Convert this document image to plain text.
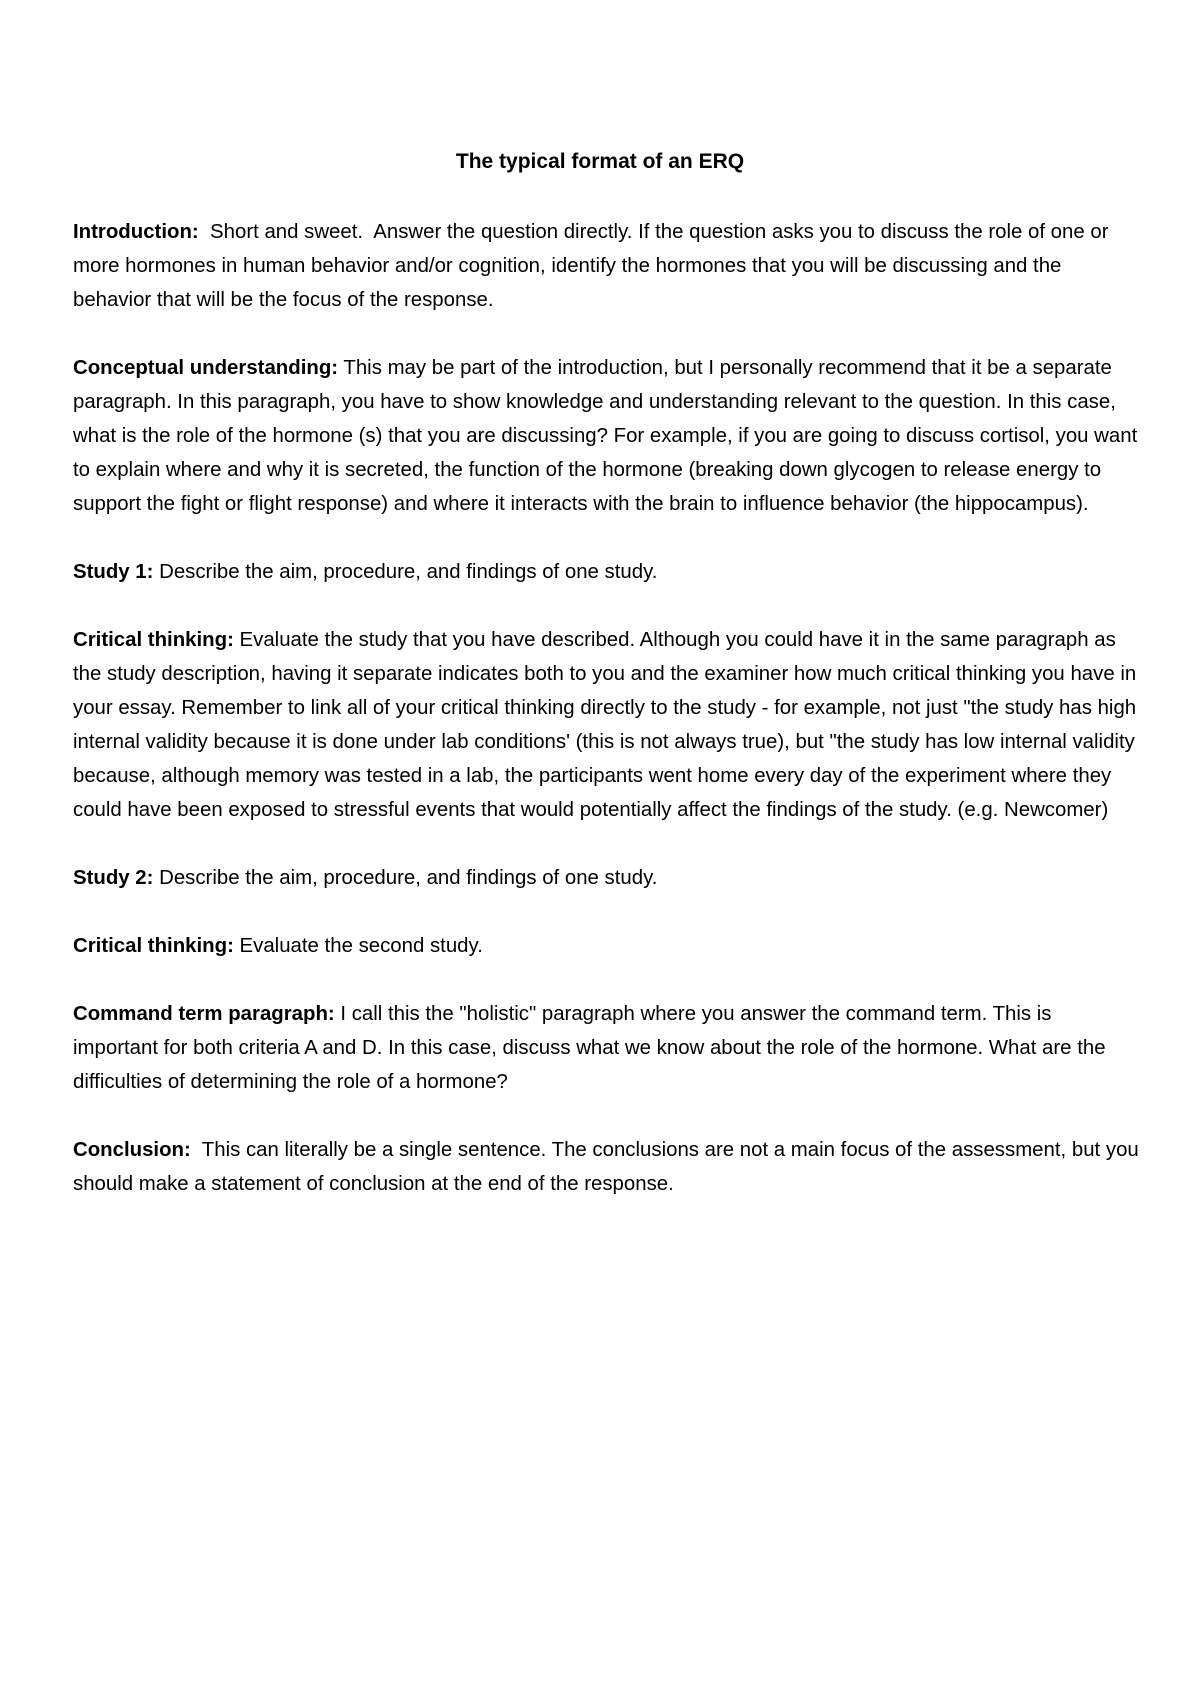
The typical format of an ERQ

Introduction:  Short and sweet.  Answer the question directly. If the question asks you to discuss the role of one or more hormones in human behavior and/or cognition, identify the hormones that you will be discussing and the behavior that will be the focus of the response.

Conceptual understanding: This may be part of the introduction, but I personally recommend that it be a separate paragraph. In this paragraph, you have to show knowledge and understanding relevant to the question. In this case, what is the role of the hormone (s) that you are discussing? For example, if you are going to discuss cortisol, you want to explain where and why it is secreted, the function of the hormone (breaking down glycogen to release energy to support the fight or flight response) and where it interacts with the brain to influence behavior (the hippocampus).

Study 1: Describe the aim, procedure, and findings of one study.

Critical thinking: Evaluate the study that you have described. Although you could have it in the same paragraph as the study description, having it separate indicates both to you and the examiner how much critical thinking you have in your essay. Remember to link all of your critical thinking directly to the study - for example, not just "the study has high internal validity because it is done under lab conditions' (this is not always true), but "the study has low internal validity because, although memory was tested in a lab, the participants went home every day of the experiment where they could have been exposed to stressful events that would potentially affect the findings of the study. (e.g. Newcomer)

Study 2: Describe the aim, procedure, and findings of one study.

Critical thinking: Evaluate the second study.

Command term paragraph: I call this the "holistic" paragraph where you answer the command term. This is important for both criteria A and D. In this case, discuss what we know about the role of the hormone. What are the difficulties of determining the role of a hormone?

Conclusion:  This can literally be a single sentence. The conclusions are not a main focus of the assessment, but you should make a statement of conclusion at the end of the response.
